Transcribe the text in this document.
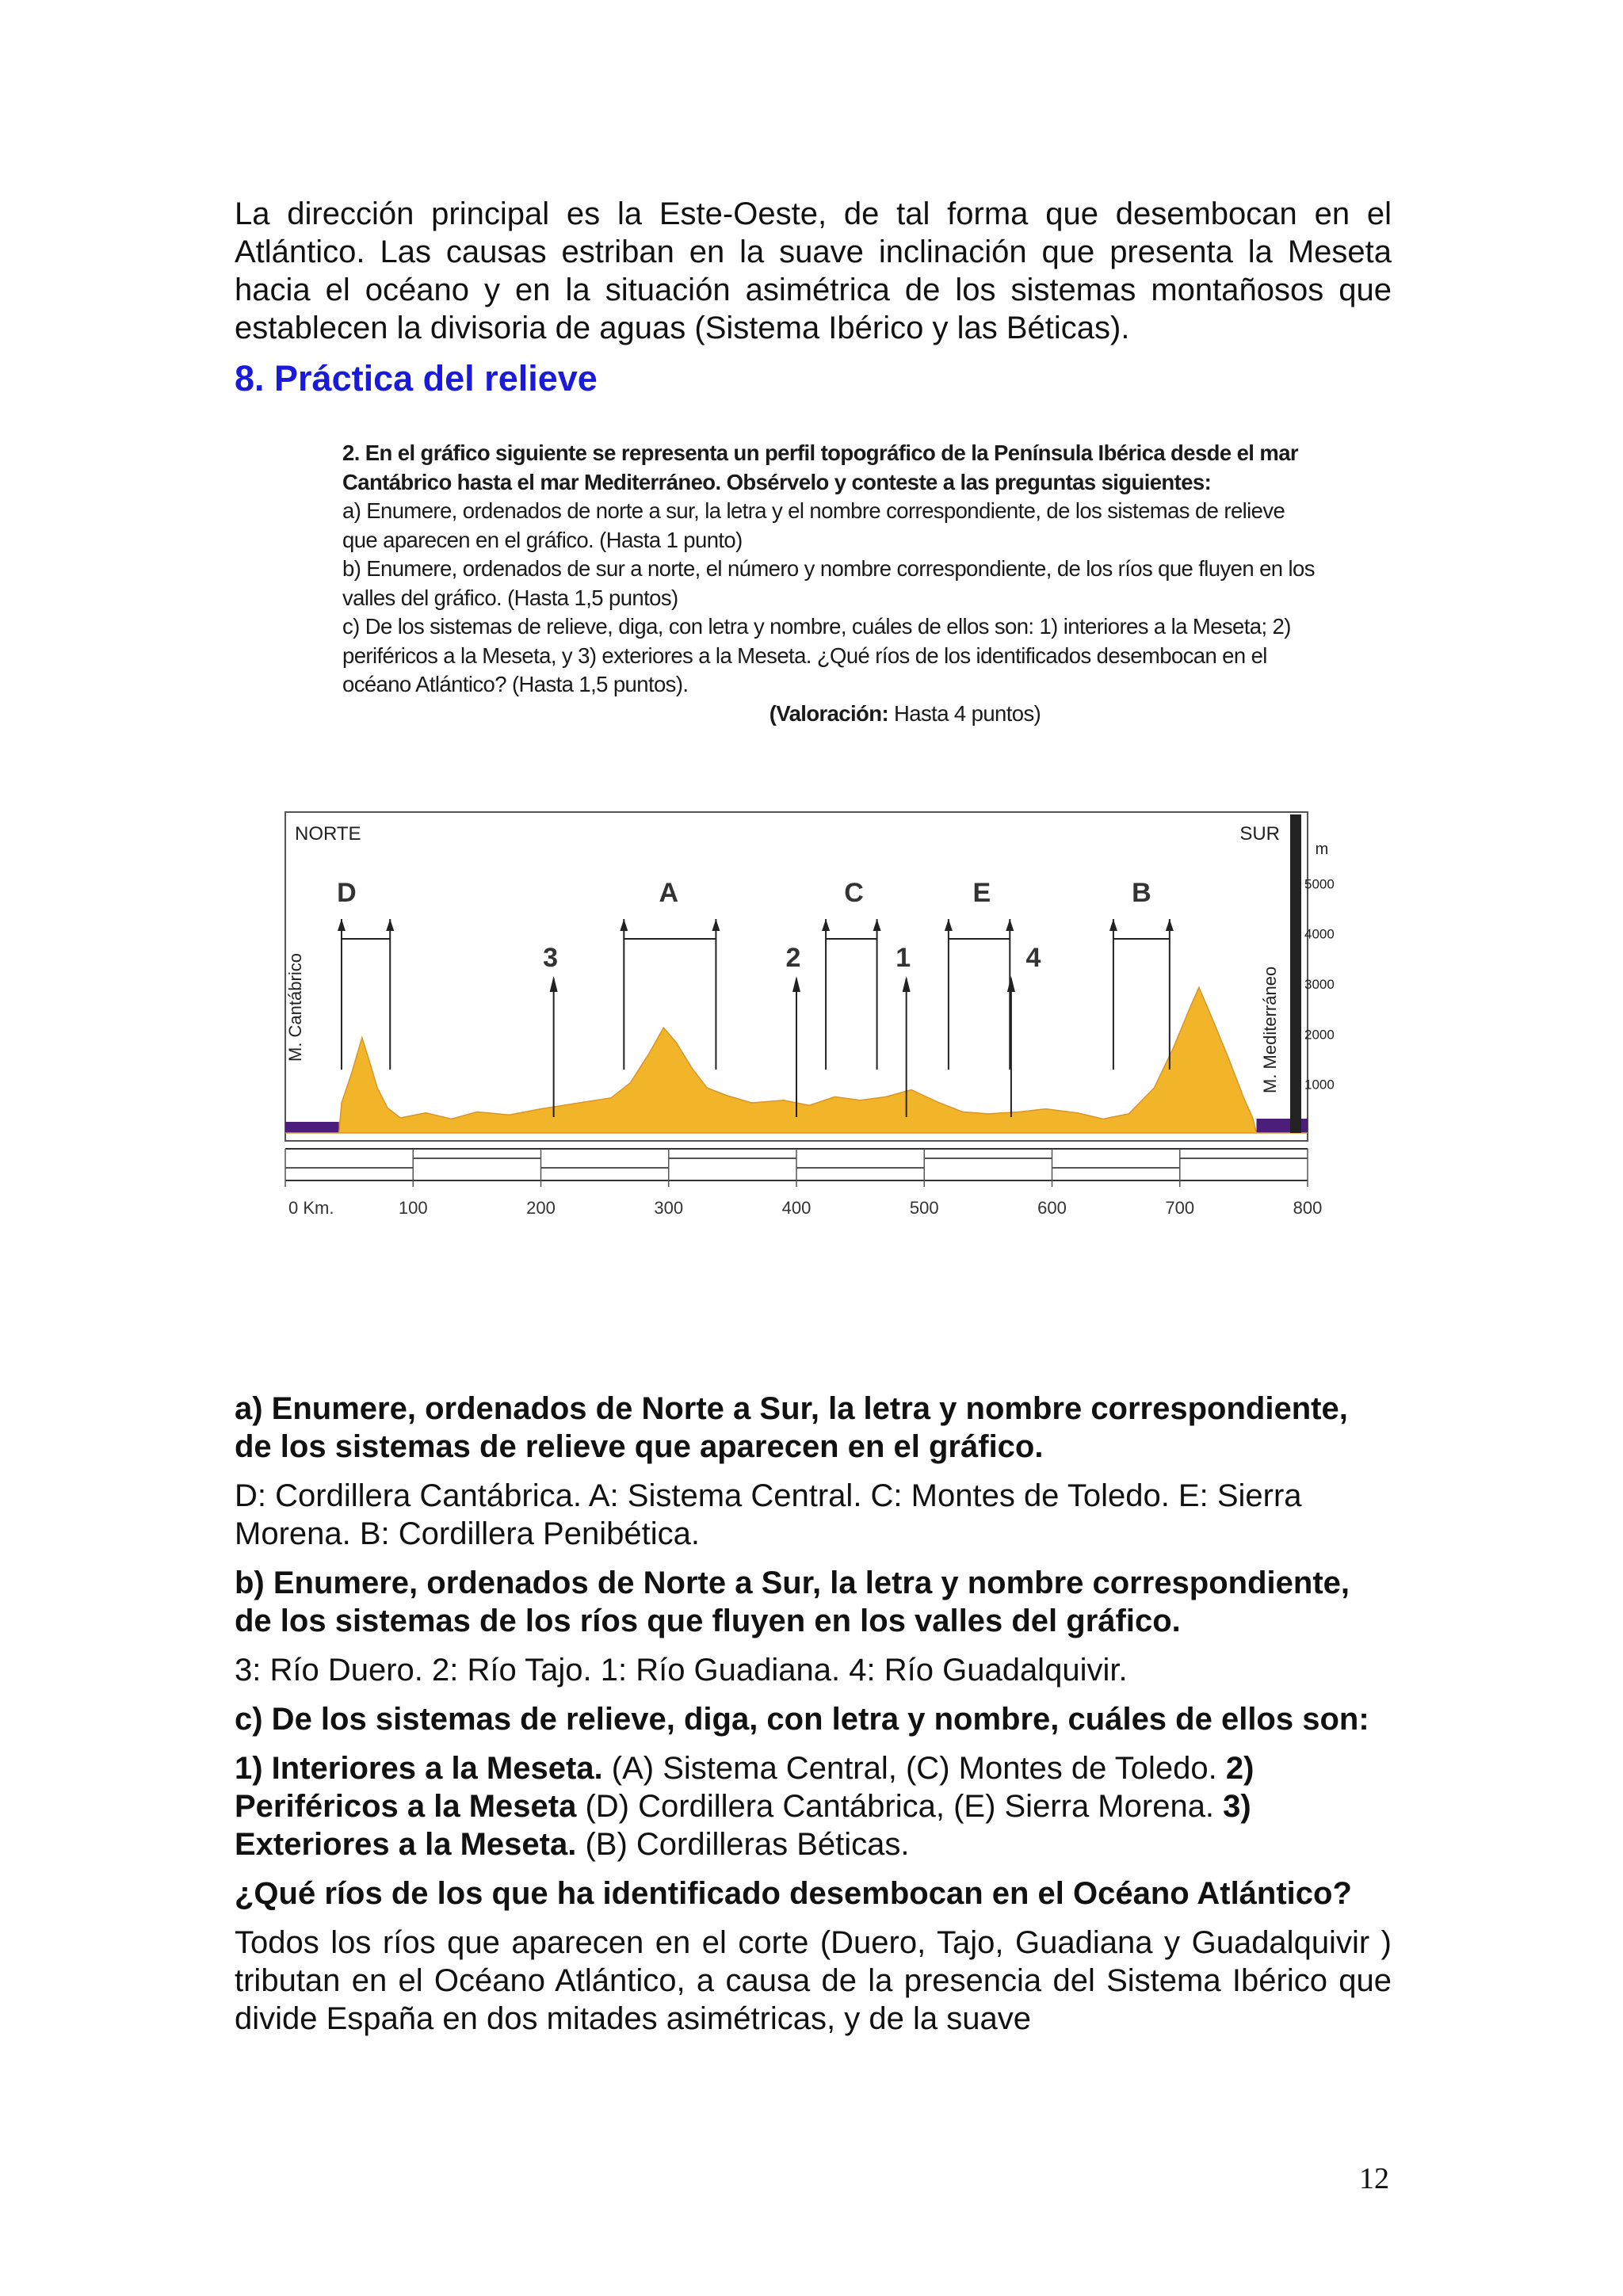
La dirección principal es la Este-Oeste, de tal forma que desembocan en el Atlántico. Las causas estriban en la suave inclinación que presenta la Meseta hacia el océano y en la situación asimétrica de los sistemas montañosos que establecen la divisoria de aguas (Sistema Ibérico y las Béticas).
8. Práctica del relieve
2. En el gráfico siguiente se representa un perfil topográfico de la Península Ibérica desde el mar Cantábrico hasta el mar Mediterráneo. Obsérvelo y conteste a las preguntas siguientes:
a) Enumere, ordenados de norte a sur, la letra y el nombre correspondiente, de los sistemas de relieve que aparecen en el gráfico. (Hasta 1 punto)
b) Enumere, ordenados de sur a norte, el número y nombre correspondiente, de los ríos que fluyen en los valles del gráfico. (Hasta 1,5 puntos)
c) De los sistemas de relieve, diga, con letra y nombre, cuáles de ellos son: 1) interiores a la Meseta; 2) periféricos a la Meseta, y 3) exteriores a la Meseta. ¿Qué ríos de los identificados desembocan en el océano Atlántico? (Hasta 1,5 puntos).
(Valoración: Hasta 4 puntos)
D	A	C	E	B
3	2	1	4
NORTE	SUR
M. Cantábrico	M. Mediterráneo
m
1000
2000
3000
4000
5000
0 Km.	100	200	300	400	500	600	700	800

a) Enumere, ordenados de Norte a Sur, la letra y nombre correspondiente, de los sistemas de relieve que aparecen en el gráfico.

D: Cordillera Cantábrica. A: Sistema Central. C: Montes de Toledo. E: Sierra Morena. B: Cordillera Penibética.

b) Enumere, ordenados de Norte a Sur, la letra y nombre correspondiente, de los sistemas de los ríos que fluyen en los valles del gráfico.

3: Río Duero. 2: Río Tajo. 1: Río Guadiana. 4: Río Guadalquivir.

c) De los sistemas de relieve, diga, con letra y nombre, cuáles de ellos son:

1) Interiores a la Meseta. (A) Sistema Central, (C) Montes de Toledo. 2) Periféricos a la Meseta (D) Cordillera Cantábrica, (E) Sierra Morena. 3) Exteriores a la Meseta. (B) Cordilleras Béticas.

¿Qué ríos de los que ha identificado desembocan en el Océano Atlántico?

Todos los ríos que aparecen en el corte (Duero, Tajo, Guadiana y Guadalquivir ) tributan en el Océano Atlántico, a causa de la presencia del Sistema Ibérico que divide España en dos mitades asimétricas, y de la suave

12
